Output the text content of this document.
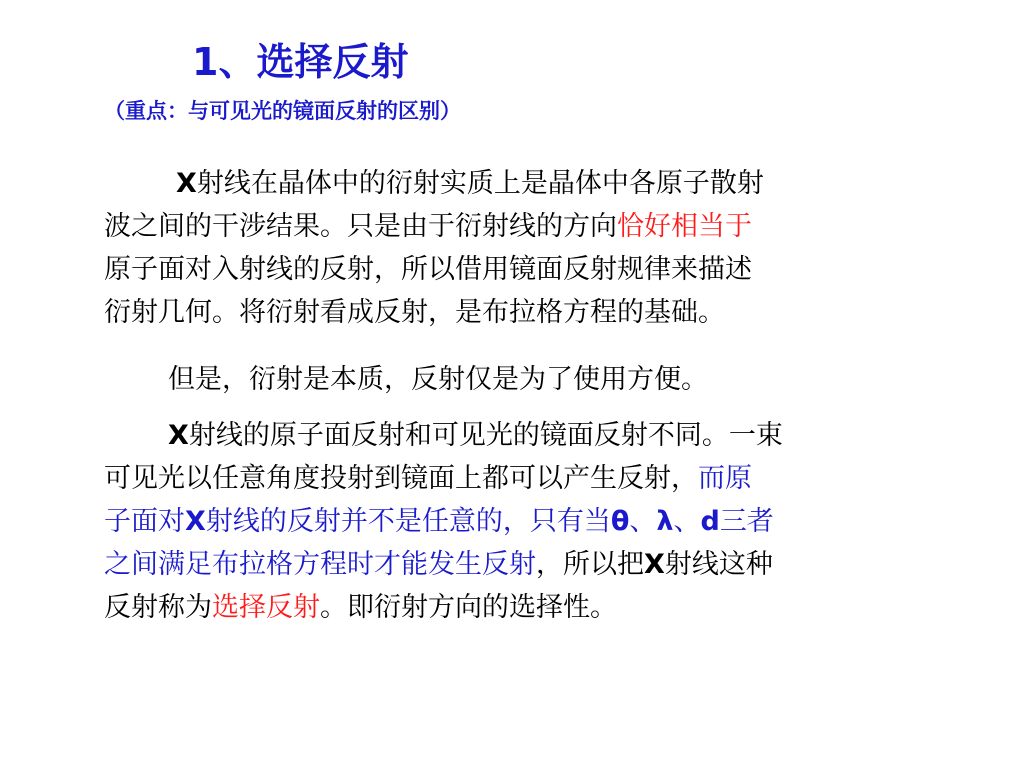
1、选择反射
（重点：与可见光的镜面反射的区别）
X射线在晶体中的衍射实质上是晶体中各原子散射
波之间的干涉结果。只是由于衍射线的方向恰好相当于
原子面对入射线的反射，所以借用镜面反射规律来描述
衍射几何。将衍射看成反射，是布拉格方程的基础。
但是，衍射是本质，反射仅是为了使用方便。
X射线的原子面反射和可见光的镜面反射不同。一束
可见光以任意角度投射到镜面上都可以产生反射，而原
子面对X射线的反射并不是任意的，只有当θ、λ、d三者
之间满足布拉格方程时才能发生反射，所以把X射线这种
反射称为选择反射。即衍射方向的选择性。
